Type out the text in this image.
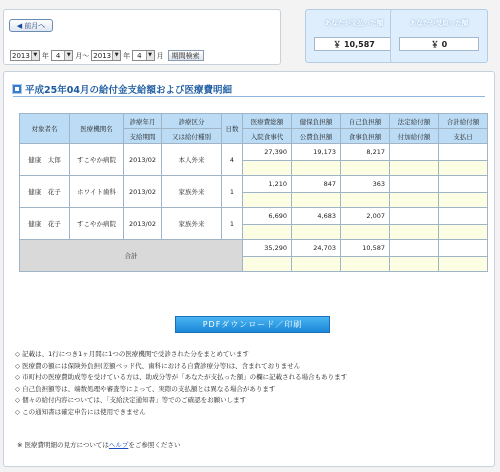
◀ 前月へ
2013 ▼ 年	4	▼ 月～ 2013 ▼ 年	4	▼ 月	期間検索
あなたが支払った額
￥ 10,587
あなたが受取った額
￥ 0
平成25年04月の給付金支給額および医療費明細
対象者名	医療機関名	診療年月	診療区分	日数	医療費総額	健保負担額	自己負担額	法定給付額	合計給付額
		支給期間	又は給付種別		入院食事代	公費負担額	食事負担額	付加給付額	支払日
健康　太郎	すこやか病院	2013/02	本人外来	4	27,390	19,173	8,217		

健康　花子	ホワイト歯科	2013/02	家族外来	1	1,210	847	363		

健康　花子	すこやか病院	2013/02	家族外来	1	6,690	4,683	2,007		

合計					35,290	24,703	10,587		

PDFダウンロード／印刷
◇ 記載は、1行につき1ヶ月間に1つの医療機関で受診された分をまとめています
◇ 医療費の額には保険外負担(差額ベッド代、歯科における自費診療分等)は、含まれておりません
◇ 市町村の医療費助成等を受けている方は、助成分等が「あなたが支払った額」の欄に記載される場合もあります
◇ 自己負担額等は、端数処理や審査等によって、実際の支払額とは異なる場合があります
◇ 個々の給付内容については、「支給決定通知書」等でのご確認をお願いします
◇ この通知書は確定申告には使用できません
※ 医療費明細の見方についてはヘルプをご参照ください
